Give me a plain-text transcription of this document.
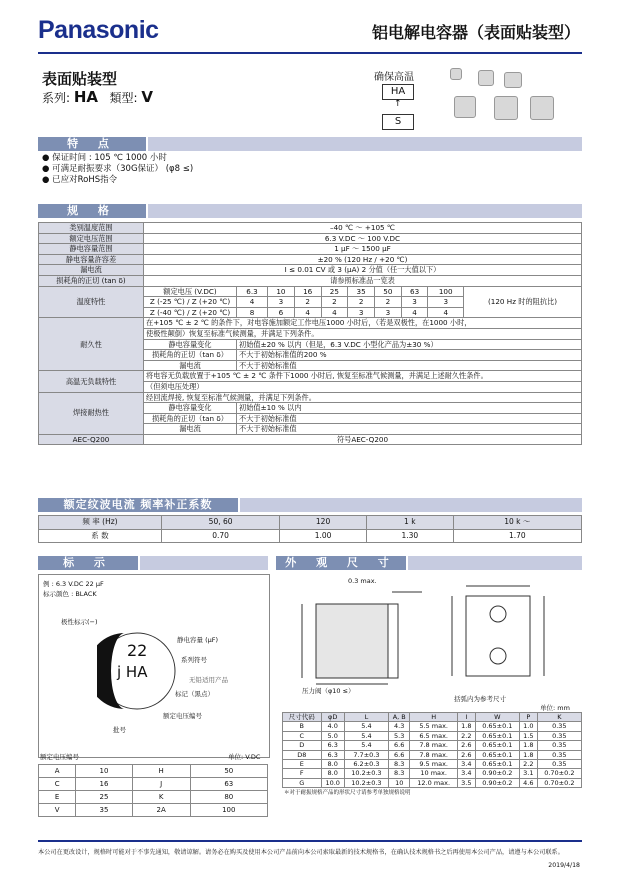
Panasonic	铝电解电容器（表面贴装型）
表面贴装型
系列: HA 類型: V
确保高温
HA
↑
S
特 点
● 保证时间 : 105 ℃ 1000 小时
● 可满足耐振要求（30G保证） (φ8 ≤)
● 已应对RoHS指令
规 格
类别温度范围	–40 ℃ ～ +105 ℃									
额定电压范围	6.3 V.DC ～ 100 V.DC									
静电容量范围	1 μF ～ 1500 μF									
静电容量許容差	±20 % (120 Hz / +20 ℃)									
漏电流	I ≤ 0.01 CV 或 3 (μA) 2 分值（任一大值以下）									
损耗角的正切 (tan δ)	请参照标准品一览表									
温度特性	额定电压 (V.DC)	6.3	10	16	25	35	50	63	100	(120 Hz 时的阻抗比)
	Z (-25 ℃) / Z (+20 ℃)	4	3	2	2	2	2	3	3	
	Z (-40 ℃) / Z (+20 ℃)	8	6	4	4	3	3	4	4	
耐久性	在+105 ℃ ± 2 ℃ 的条件下，对电容施加额定工作电压1000 小时后，（若是双极性，在1000 小时，									
	使极性颠倒）恢复至标准气候测量，并满足下列条件。									
	静电容量变化	初始值±20 % 以内（但是，6.3 V.DC 小型化产品为±30 %）								
	损耗角的正切（tan δ）	不大于初始标准值的200 %								
	漏电流	不大于初始标准值								
高温无负载特性	将电容无负载放置于+105 ℃ ± 2 ℃ 条件下1000 小时后, 恢复至标准气候测量，并满足上述耐久性条件。									
	（但须电压处理）									
焊接耐热性	经回流焊接, 恢复至标准气候测量，并满足下列条件。									
	静电容量变化	初始值±10 % 以内								
	损耗角的正切（tan δ）	不大于初始标准值								
	漏电流	不大于初始标准值								
AEC-Q200	符号AEC-Q200									
额定纹波电流 频率补正系数
频 率 (Hz)	50, 60	120	1 k	10 k ～
系 数	0.70	1.00	1.30	1.70
标 示
例 : 6.3 V.DC 22 μF
标示颜色 : BLACK
极性标示(−)
22
j HA
静电容量 (μF)
系列符号
无铅适用产品
标记（黑点）
额定电压编号
批号
额定电压编号	单位: V.DC
A	10	H	50
C	16	J	63
E	25	K	80
V	35	2A	100
外 观 尺 寸
0.3 max.
压力阀（φ10 ≤）
括弧内为参考尺寸
单位: mm
尺寸代码	φD	L	A, B	H	I	W	P	K
B	4.0	5.4	4.3	5.5 max.	1.8	0.65±0.1	1.0	0.35
C	5.0	5.4	5.3	6.5 max.	2.2	0.65±0.1	1.5	0.35
D	6.3	5.4	6.6	7.8 max.	2.6	0.65±0.1	1.8	0.35
D8	6.3	7.7±0.3	6.6	7.8 max.	2.6	0.65±0.1	1.8	0.35
E	8.0	6.2±0.3	8.3	9.5 max.	3.4	0.65±0.1	2.2	0.35
F	8.0	10.2±0.3	8.3	10 max.	3.4	0.90±0.2	3.1	0.70±0.2
G	10.0	10.2±0.3	10	12.0 max.	3.5	0.90±0.2	4.6	0.70±0.2
＊对于耐振规格产品的形状尺寸请参考单独规格说明
本公司在更改设计，规格时可能对于不事先通知，敬请谅解。请务必在购买及使用本公司产品前向本公司索取最新的技术规格书，在确认技术规格书之后再使用本公司产品，请遵与本公司联系。
2019/4/18
